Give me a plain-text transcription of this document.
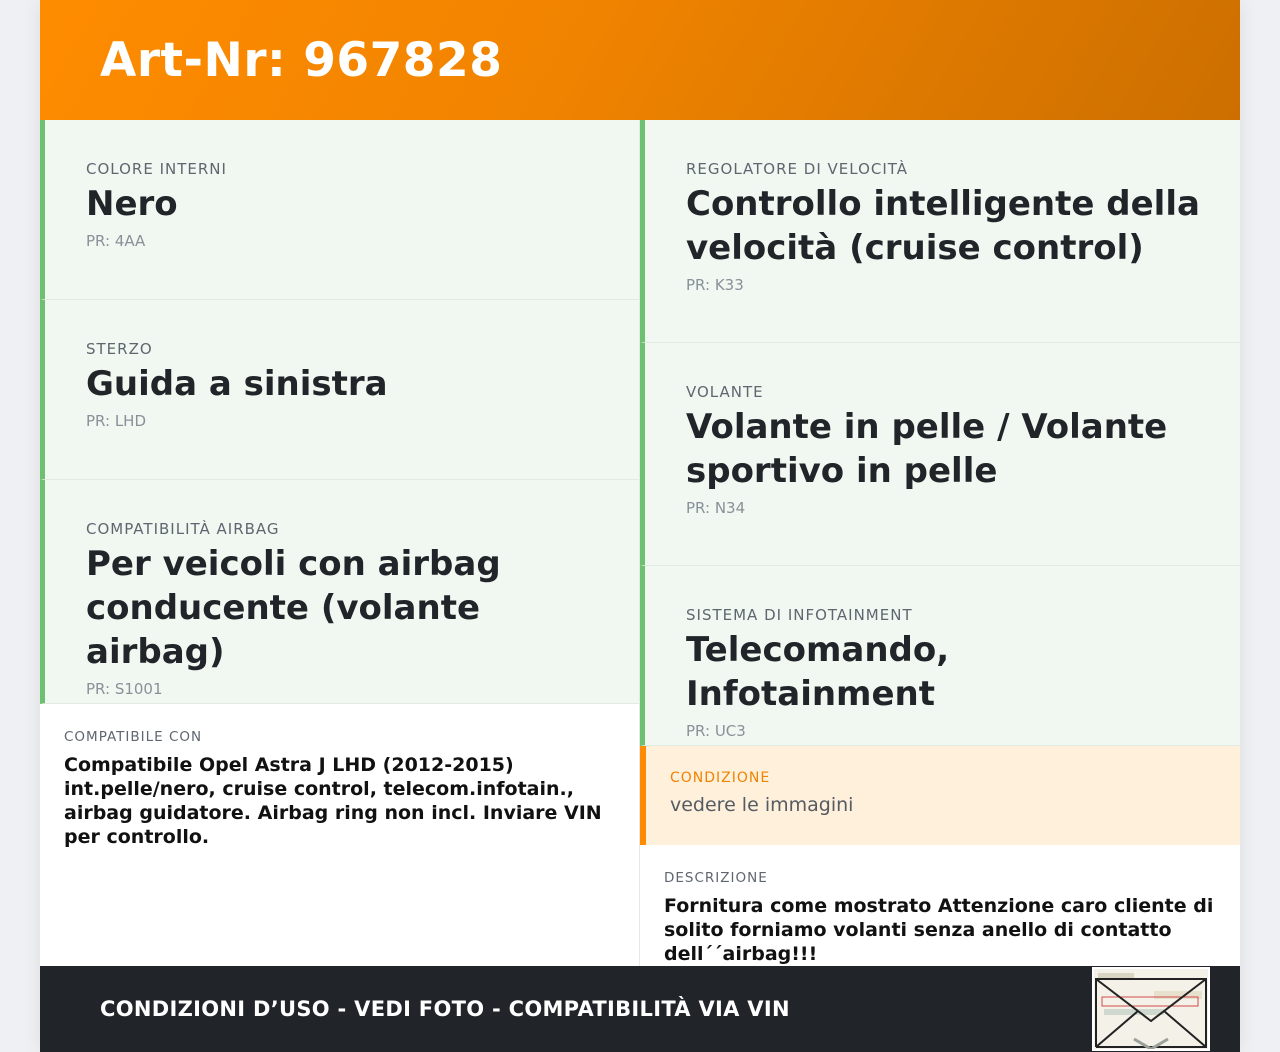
Art-Nr: 967828
COLORE INTERNI
Nero
PR: 4AA
STERZO
Guida a sinistra
PR: LHD
COMPATIBILITÀ AIRBAG
Per veicoli con airbag conducente (volante airbag)
PR: S1001
COMPATIBILE CON
Compatibile Opel Astra J LHD (2012-2015) int.pelle/nero, cruise control, telecom.infotain., airbag guidatore. Airbag ring non incl. Inviare VIN per controllo.
REGOLATORE DI VELOCITÀ
Controllo intelligente della velocità (cruise control)
PR: K33
VOLANTE
Volante in pelle / Volante sportivo in pelle
PR: N34
SISTEMA DI INFOTAINMENT
Telecomando, Infotainment
PR: UC3
CONDIZIONE
vedere le immagini
DESCRIZIONE
Fornitura come mostrato Attenzione caro cliente di solito forniamo volanti senza anello di contatto dell´´airbag!!!
CONDIZIONI D’USO - VEDI FOTO - COMPATIBILITÀ VIA VIN
